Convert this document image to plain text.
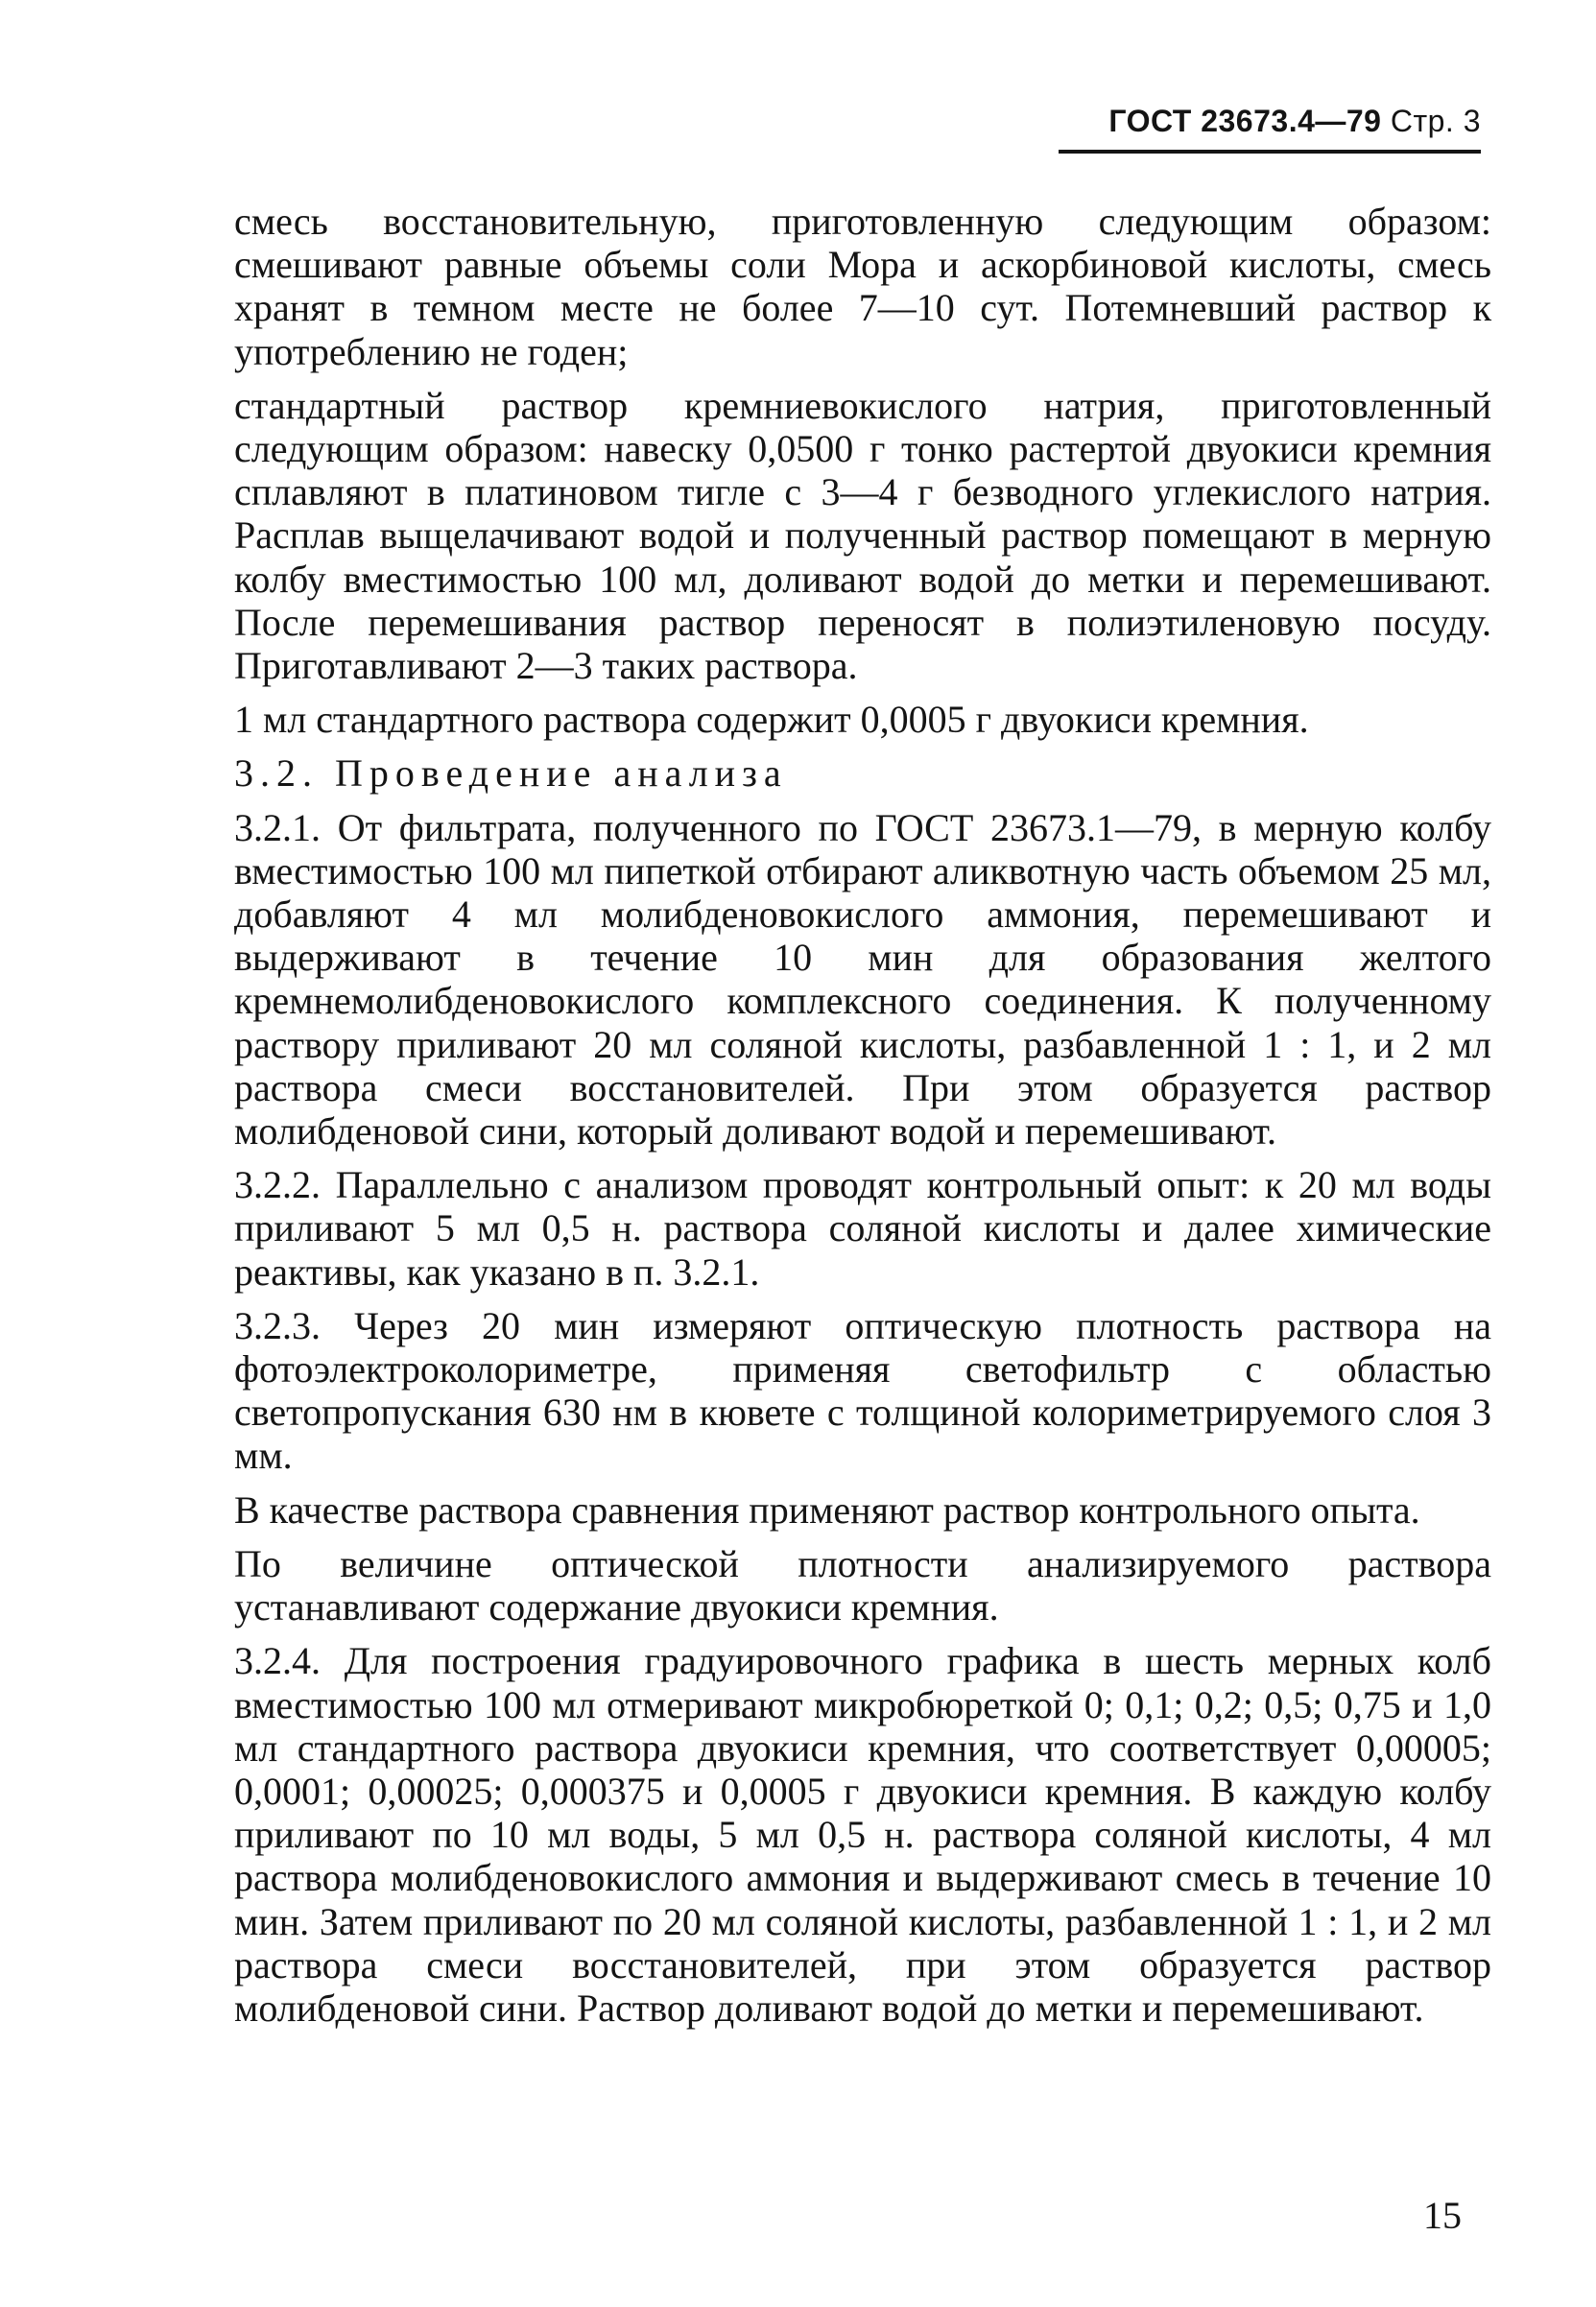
ГОСТ 23673.4—79 Стр. 3

смесь восстановительную, приготовленную следующим образом: смешивают равные объемы соли Мора и аскорбиновой кислоты, смесь хранят в темном месте не более 7—10 сут. Потемневший раствор к употреблению не годен;

стандартный раствор кремниевокислого натрия, приготовленный следующим образом: навеску 0,0500 г тонко растертой двуокиси кремния сплавляют в платиновом тигле с 3—4 г безводного углекислого натрия. Расплав выщелачивают водой и полученный раствор помещают в мерную колбу вместимостью 100 мл, доливают водой до метки и перемешивают. После перемешивания раствор переносят в полиэтиленовую посуду. Приготавливают 2—3 таких раствора.

1 мл стандартного раствора содержит 0,0005 г двуокиси кремния.

3.2. Проведение анализа

3.2.1. От фильтрата, полученного по ГОСТ 23673.1—79, в мерную колбу вместимостью 100 мл пипеткой отбирают аликвотную часть объемом 25 мл, добавляют 4 мл молибденовокислого аммония, перемешивают и выдерживают в течение 10 мин для образования желтого кремнемолибденовокислого комплексного соединения. К полученному раствору приливают 20 мл соляной кислоты, разбавленной 1 : 1, и 2 мл раствора смеси восстановителей. При этом образуется раствор молибденовой сини, который доливают водой и перемешивают.

3.2.2. Параллельно с анализом проводят контрольный опыт: к 20 мл воды приливают 5 мл 0,5 н. раствора соляной кислоты и далее химические реактивы, как указано в п. 3.2.1.

3.2.3. Через 20 мин измеряют оптическую плотность раствора на фотоэлектроколориметре, применяя светофильтр с областью светопропускания 630 нм в кювете с толщиной колориметрируемого слоя 3 мм.

В качестве раствора сравнения применяют раствор контрольного опыта.

По величине оптической плотности анализируемого раствора устанавливают содержание двуокиси кремния.

3.2.4. Для построения градуировочного графика в шесть мерных колб вместимостью 100 мл отмеривают микробюреткой 0; 0,1; 0,2; 0,5; 0,75 и 1,0 мл стандартного раствора двуокиси кремния, что соответствует 0,00005; 0,0001; 0,00025; 0,000375 и 0,0005 г двуокиси кремния. В каждую колбу приливают по 10 мл воды, 5 мл 0,5 н. раствора соляной кислоты, 4 мл раствора молибденовокислого аммония и выдерживают смесь в течение 10 мин. Затем приливают по 20 мл соляной кислоты, разбавленной 1 : 1, и 2 мл раствора смеси восстановителей, при этом образуется раствор молибденовой сини. Раствор доливают водой до метки и перемешивают.

15
